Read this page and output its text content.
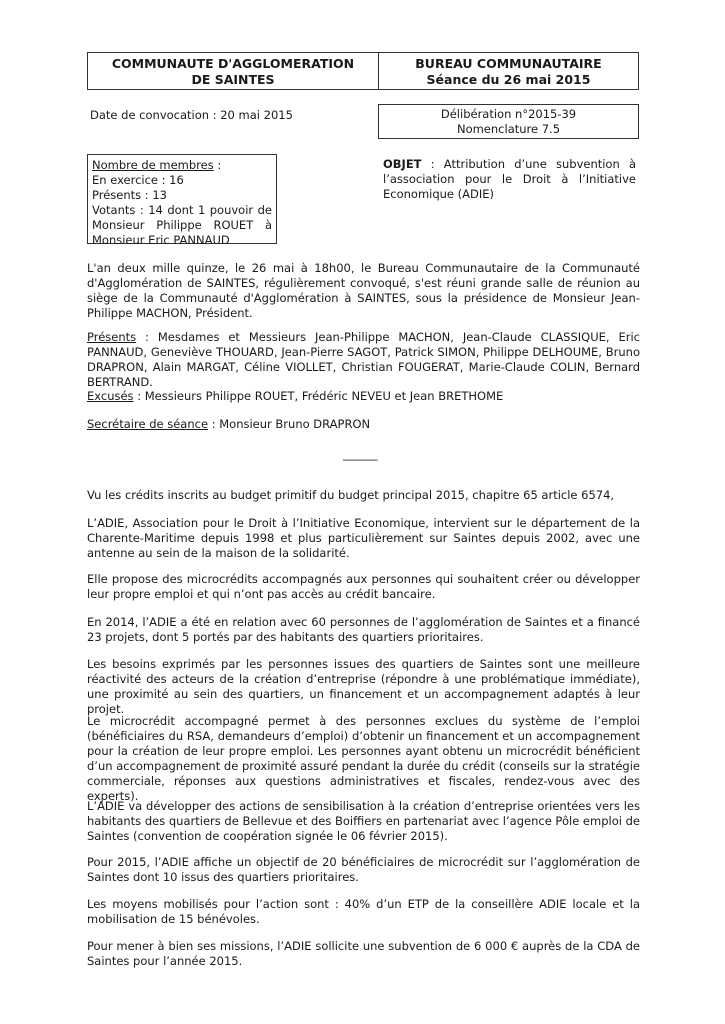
COMMUNAUTE D'AGGLOMERATION
DE SAINTES
BUREAU COMMUNAUTAIRE
Séance du 26 mai 2015
Date de convocation : 20 mai 2015	Délibération n°2015-39
Nomenclature 7.5
Nombre de membres :
En exercice : 16
Présents : 13
Votants : 14 dont 1 pouvoir de Monsieur Philippe ROUET à Monsieur Eric PANNAUD
OBJET : Attribution d’une subvention à l’association pour le Droit à l’Initiative Economique (ADIE)

L'an deux mille quinze, le 26 mai à 18h00, le Bureau Communautaire de la Communauté d'Agglomération de SAINTES, régulièrement convoqué, s'est réuni grande salle de réunion au siège de la Communauté d'Agglomération à SAINTES, sous la présidence de Monsieur Jean-Philippe MACHON, Président.

Présents : Mesdames et Messieurs Jean-Philippe MACHON, Jean-Claude CLASSIQUE, Eric PANNAUD, Geneviève THOUARD, Jean-Pierre SAGOT, Patrick SIMON, Philippe DELHOUME, Bruno DRAPRON, Alain MARGAT, Céline VIOLLET, Christian FOUGERAT, Marie-Claude COLIN, Bernard BERTRAND.

Excusés : Messieurs Philippe ROUET, Frédéric NEVEU et Jean BRETHOME

Secrétaire de séance : Monsieur Bruno DRAPRON

______

Vu les crédits inscrits au budget primitif du budget principal 2015, chapitre 65 article 6574,

L’ADIE, Association pour le Droit à l’Initiative Economique, intervient sur le département de la Charente-Maritime depuis 1998 et plus particulièrement sur Saintes depuis 2002, avec une antenne au sein de la maison de la solidarité.

Elle propose des microcrédits accompagnés aux personnes qui souhaitent créer ou développer leur propre emploi et qui n’ont pas accès au crédit bancaire.

En 2014, l’ADIE a été en relation avec 60 personnes de l’agglomération de Saintes et a financé 23 projets, dont 5 portés par des habitants des quartiers prioritaires.

Les besoins exprimés par les personnes issues des quartiers de Saintes sont une meilleure réactivité des acteurs de la création d’entreprise (répondre à une problématique immédiate), une proximité au sein des quartiers, un financement et un accompagnement adaptés à leur projet.

Le microcrédit accompagné permet à des personnes exclues du système de l’emploi (bénéficiaires du RSA, demandeurs d’emploi) d’obtenir un financement et un accompagnement pour la création de leur propre emploi. Les personnes ayant obtenu un microcrédit bénéficient d’un accompagnement de proximité assuré pendant la durée du crédit (conseils sur la stratégie commerciale, réponses aux questions administratives et fiscales, rendez-vous avec des experts).

L’ADIE va développer des actions de sensibilisation à la création d’entreprise orientées vers les habitants des quartiers de Bellevue et des Boiffiers en partenariat avec l’agence Pôle emploi de Saintes (convention de coopération signée le 06 février 2015).

Pour 2015, l’ADIE affiche un objectif de 20 bénéficiaires de microcrédit sur l’agglomération de Saintes dont 10 issus des quartiers prioritaires.

Les moyens mobilisés pour l’action sont : 40% d’un ETP de la conseillère ADIE locale et la mobilisation de 15 bénévoles.

Pour mener à bien ses missions, l’ADIE sollicite une subvention de 6 000 € auprès de la CDA de Saintes pour l’année 2015.
